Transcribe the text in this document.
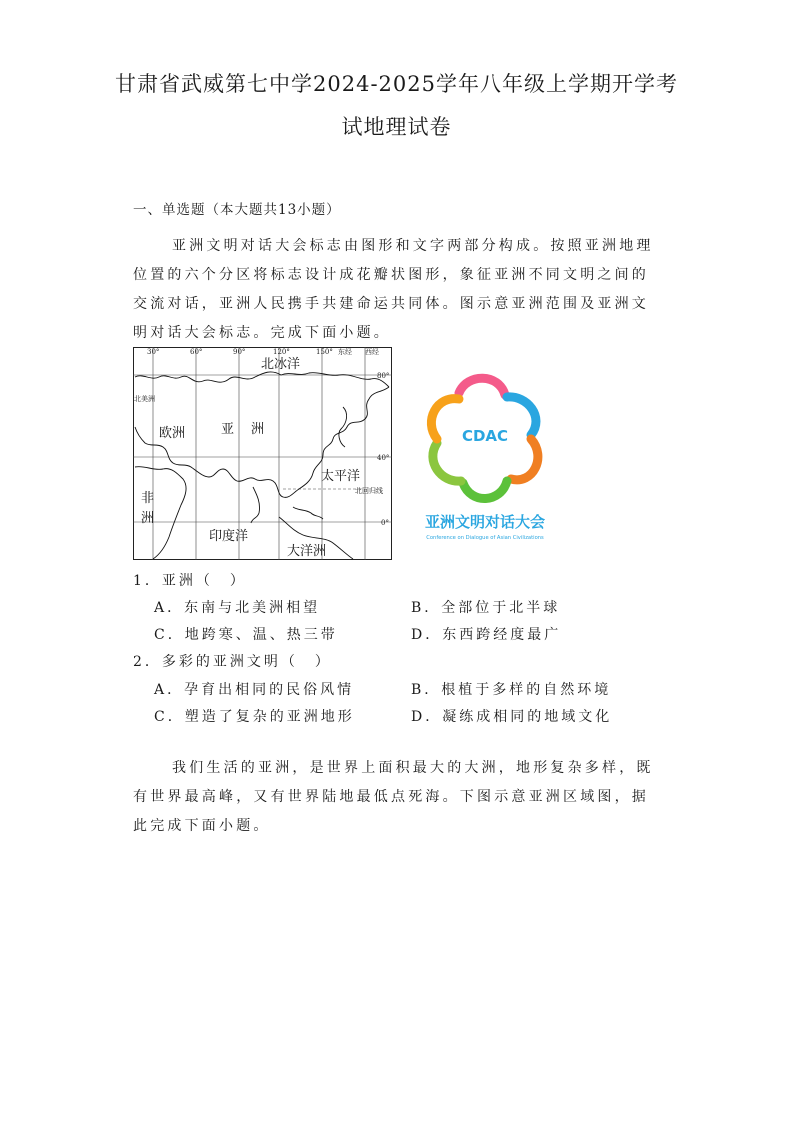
甘肃省武威第七中学2024-2025学年八年级上学期开学考
试地理试卷
一、单选题（本大题共13小题）

亚洲文明对话大会标志由图形和文字两部分构成。按照亚洲地理位置的六个分区将标志设计成花瓣状图形，象征亚洲不同文明之间的交流对话，亚洲人民携手共建命运共同体。图示意亚洲范围及亚洲文明对话大会标志。完成下面小题。

30°	60°	90°	120°	150° 东经 西经
80°
40°
0°
北冰洋
北美洲
欧洲	亚 洲
太平洋
北回归线
非
洲
印度洋
大洋洲
CDAC
亚洲文明对话大会
Conference on Dialogue of Asian Civilizations
1．亚洲（　）
A．东南与北美洲相望	B．全部位于北半球
C．地跨寒、温、热三带	D．东西跨经度最广
2．多彩的亚洲文明（　）
A．孕育出相同的民俗风情	B．根植于多样的自然环境
C．塑造了复杂的亚洲地形	D．凝练成相同的地域文化

我们生活的亚洲，是世界上面积最大的大洲，地形复杂多样，既有世界最高峰，又有世界陆地最低点死海。下图示意亚洲区域图，据此完成下面小题。
